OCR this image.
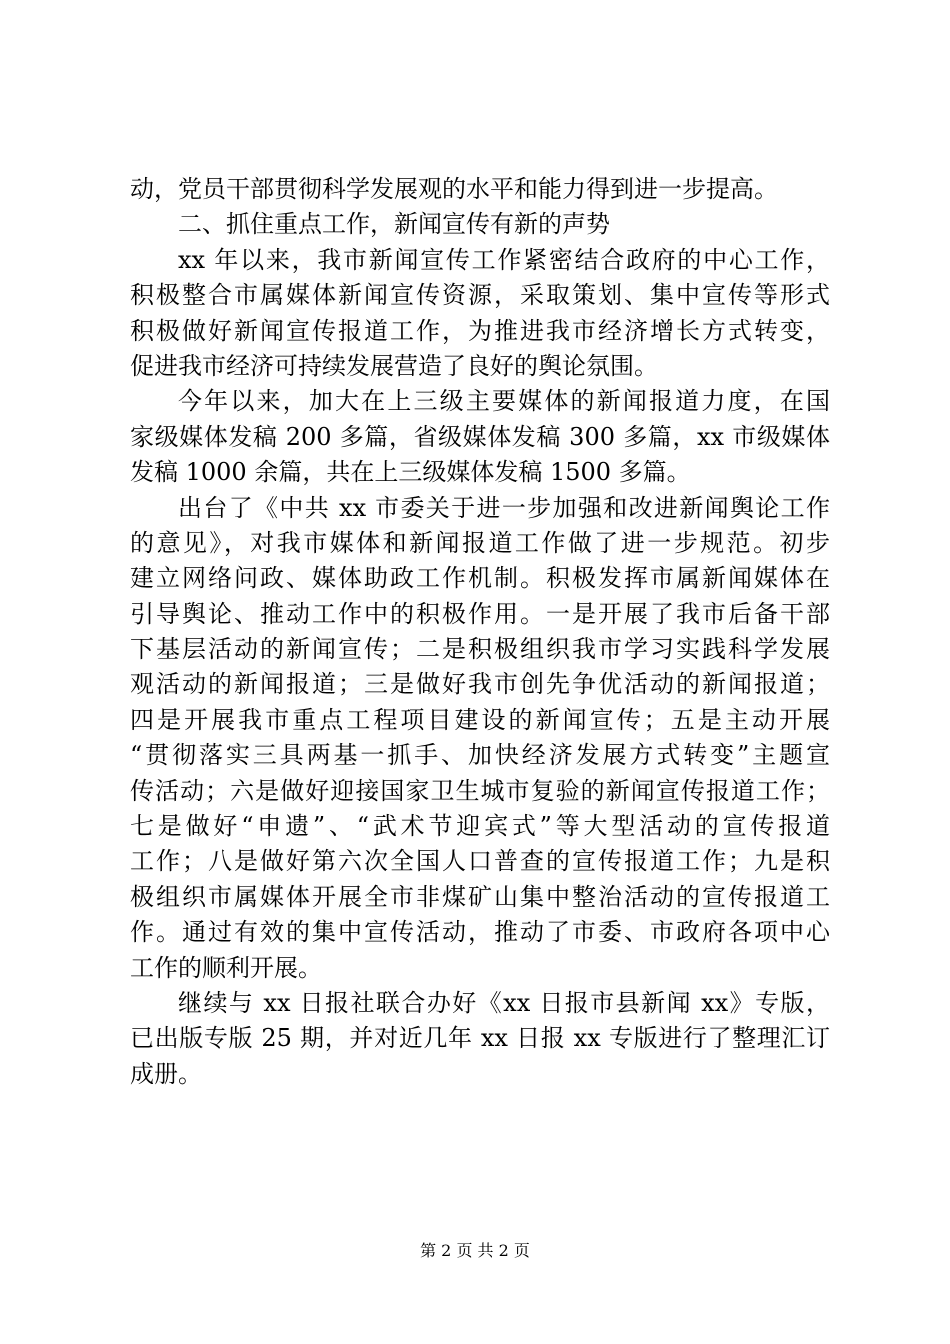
动，党员干部贯彻科学发展观的水平和能力得到进一步提高。
二、抓住重点工作，新闻宣传有新的声势
xx 年以来，我市新闻宣传工作紧密结合政府的中心工作，
积极整合市属媒体新闻宣传资源，采取策划、集中宣传等形式
积极做好新闻宣传报道工作，为推进我市经济增长方式转变，
促进我市经济可持续发展营造了良好的舆论氛围。
今年以来，加大在上三级主要媒体的新闻报道力度，在国
家级媒体发稿 200 多篇，省级媒体发稿 300 多篇，xx 市级媒体
发稿 1000 余篇，共在上三级媒体发稿 1500 多篇。
出台了《中共 xx 市委关于进一步加强和改进新闻舆论工作
的意见》，对我市媒体和新闻报道工作做了进一步规范。初步
建立网络问政、媒体助政工作机制。积极发挥市属新闻媒体在
引导舆论、推动工作中的积极作用。一是开展了我市后备干部
下基层活动的新闻宣传；二是积极组织我市学习实践科学发展
观活动的新闻报道；三是做好我市创先争优活动的新闻报道；
四是开展我市重点工程项目建设的新闻宣传；五是主动开展
“贯彻落实三具两基一抓手、加快经济发展方式转变”主题宣
传活动；六是做好迎接国家卫生城市复验的新闻宣传报道工作；
七是做好“申遗”、“武术节迎宾式”等大型活动的宣传报道
工作；八是做好第六次全国人口普查的宣传报道工作；九是积
极组织市属媒体开展全市非煤矿山集中整治活动的宣传报道工
作。通过有效的集中宣传活动，推动了市委、市政府各项中心
工作的顺利开展。
继续与 xx 日报社联合办好《xx 日报市县新闻 xx》专版，
已出版专版 25 期，并对近几年 xx 日报 xx 专版进行了整理汇订
成册。
第 2 页 共 2 页
